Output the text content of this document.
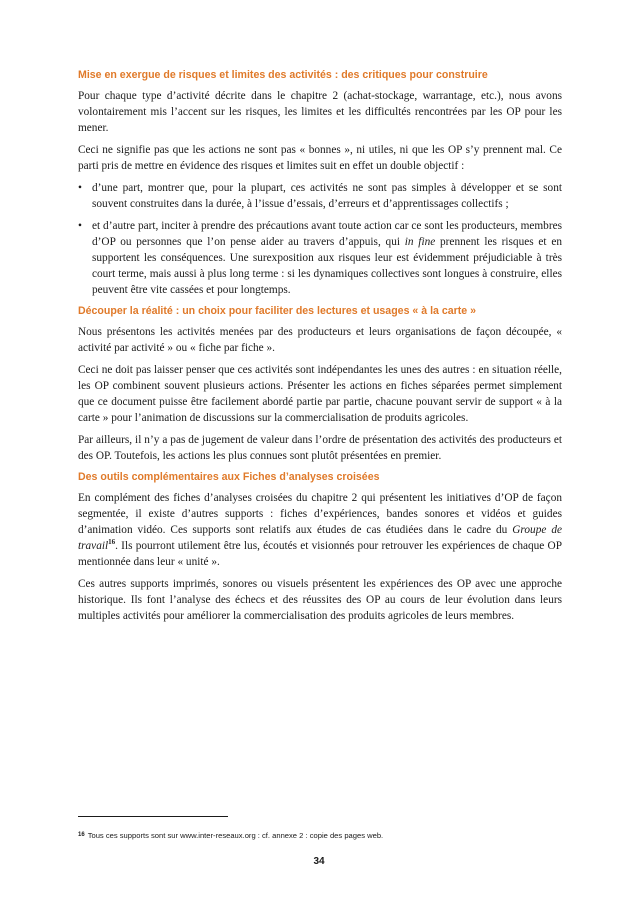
Mise en exergue de risques et limites des activités : des critiques pour construire

Pour chaque type d’activité décrite dans le chapitre 2 (achat-stockage, warrantage, etc.), nous avons volontairement mis l’accent sur les risques, les limites et les difficultés rencontrées par les OP pour les mener.

Ceci ne signifie pas que les actions ne sont pas « bonnes », ni utiles, ni que les OP s’y prennent mal. Ce parti pris de mettre en évidence des risques et limites suit en effet un double objectif :

• d’une part, montrer que, pour la plupart, ces activités ne sont pas simples à développer et se sont souvent construites dans la durée, à l’issue d’essais, d’erreurs et d’apprentissages collectifs ;
• et d’autre part, inciter à prendre des précautions avant toute action car ce sont les producteurs, membres d’OP ou personnes que l’on pense aider au travers d’appuis, qui in fine prennent les risques et en supportent les conséquences. Une surexposition aux risques leur est évidemment préjudiciable à très court terme, mais aussi à plus long terme : si les dynamiques collectives sont longues à construire, elles peuvent être vite cassées et pour longtemps.
Découper la réalité : un choix pour faciliter des lectures et usages « à la carte »

Nous présentons les activités menées par des producteurs et leurs organisations de façon découpée, « activité par activité » ou « fiche par fiche ».

Ceci ne doit pas laisser penser que ces activités sont indépendantes les unes des autres : en situation réelle, les OP combinent souvent plusieurs actions. Présenter les actions en fiches séparées permet simplement que ce document puisse être facilement abordé partie par partie, chacune pouvant servir de support « à la carte » pour l’animation de discussions sur la commercialisation de produits agricoles.

Par ailleurs, il n’y a pas de jugement de valeur dans l’ordre de présentation des activités des producteurs et des OP. Toutefois, les actions les plus connues sont plutôt présentées en premier.

Des outils complémentaires aux Fiches d’analyses croisées

En complément des fiches d’analyses croisées du chapitre 2 qui présentent les initiatives d’OP de façon segmentée, il existe d’autres supports : fiches d’expériences, bandes sonores et vidéos et guides d’animation vidéo. Ces supports sont relatifs aux études de cas étudiées dans le cadre du Groupe de travail$^{16}$. Ils pourront utilement être lus, écoutés et visionnés pour retrouver les expériences de chaque OP mentionnée dans leur « unité ».

Ces autres supports imprimés, sonores ou visuels présentent les expériences des OP avec une approche historique. Ils font l’analyse des échecs et des réussites des OP au cours de leur évolution dans leurs multiples activités pour améliorer la commercialisation des produits agricoles de leurs membres.

$^{16}$ Tous ces supports sont sur www.inter-reseaux.org : cf. annexe 2 : copie des pages web.
34
